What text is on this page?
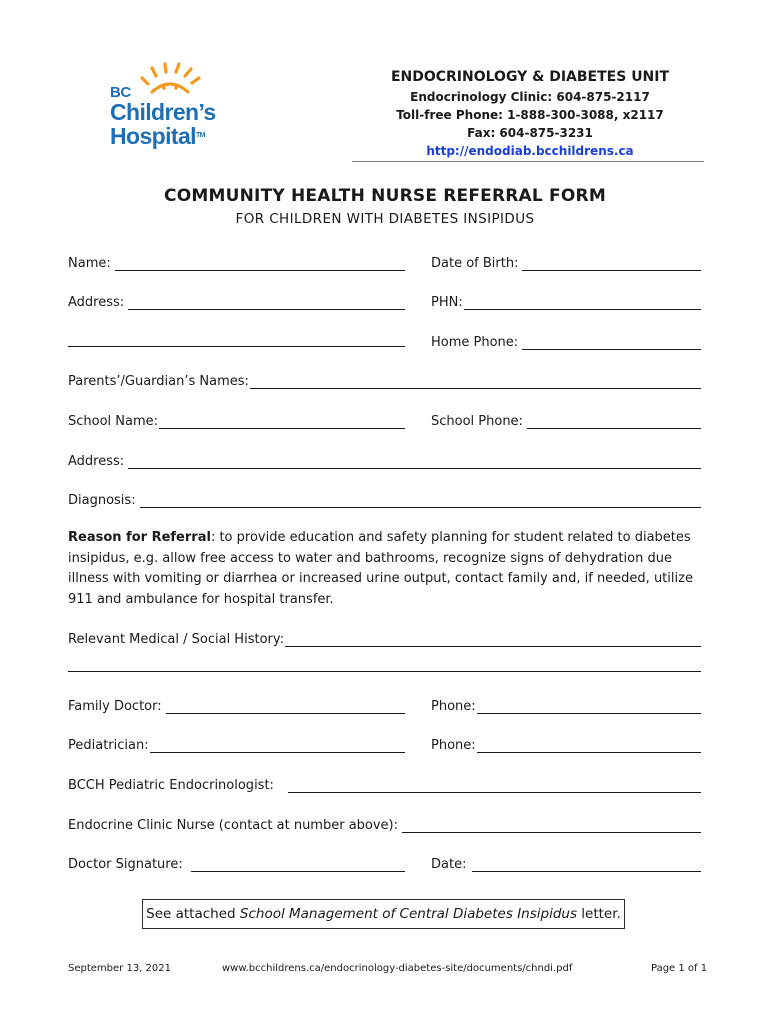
BC
Children’s
HospitalTM
ENDOCRINOLOGY & DIABETES UNIT
Endocrinology Clinic: 604-875-2117
Toll-free Phone: 1-888-300-3088, x2117
Fax: 604-875-3231
http://endodiab.bcchildrens.ca
COMMUNITY HEALTH NURSE REFERRAL FORM
FOR CHILDREN WITH DIABETES INSIPIDUS
Name:	Date of Birth:
Address:	PHN:
Home Phone:
Parents’/Guardian’s Names:
School Name:	School Phone:
Address:
Diagnosis:
Reason for Referral: to provide education and safety planning for student related to diabetes insipidus, e.g. allow free access to water and bathrooms, recognize signs of dehydration due illness with vomiting or diarrhea or increased urine output, contact family and, if needed, utilize 911 and ambulance for hospital transfer.
Relevant Medical / Social History:
Family Doctor:	Phone:
Pediatrician:	Phone:
BCCH Pediatric Endocrinologist:
Endocrine Clinic Nurse (contact at number above):
Doctor Signature:	Date:
See attached School Management of Central Diabetes Insipidus letter.
September 13, 2021	www.bcchildrens.ca/endocrinology-diabetes-site/documents/chndi.pdf	Page 1 of 1
